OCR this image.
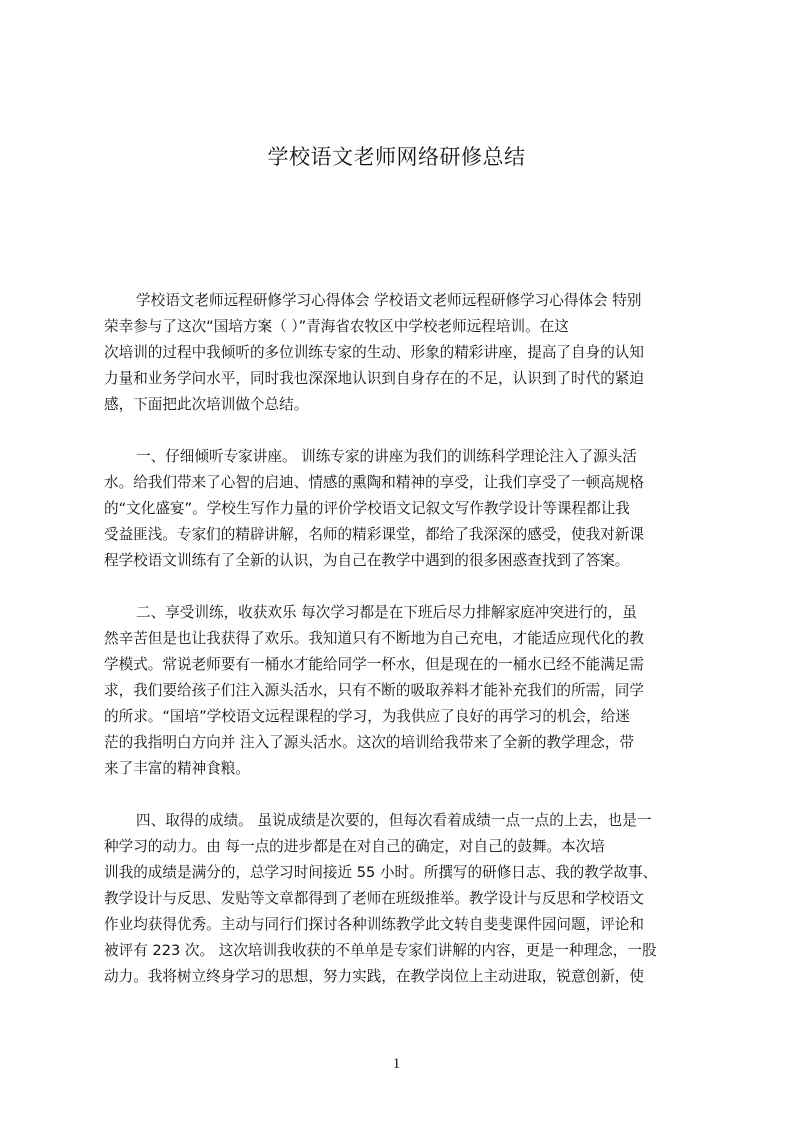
学校语文老师网络研修总结
学校语文老师远程研修学习心得体会 学校语文老师远程研修学习心得体会 特别
荣幸参与了这次“国培方案（ ）”青海省农牧区中学校老师远程培训。在这
次培训的过程中我倾听的多位训练专家的生动、形象的精彩讲座，提高了自身的认知
力量和业务学问水平，同时我也深深地认识到自身存在的不足，认识到了时代的紧迫
感，下面把此次培训做个总结。
一、仔细倾听专家讲座。 训练专家的讲座为我们的训练科学理论注入了源头活
水。给我们带来了心智的启迪、情感的熏陶和精神的享受，让我们享受了一顿高规格
的“文化盛宴”。学校生写作力量的评价学校语文记叙文写作教学设计等课程都让我
受益匪浅。专家们的精辟讲解，名师的精彩课堂，都给了我深深的感受，使我对新课
程学校语文训练有了全新的认识，为自己在教学中遇到的很多困惑查找到了答案。
二、享受训练，收获欢乐 每次学习都是在下班后尽力排解家庭冲突进行的，虽
然辛苦但是也让我获得了欢乐。我知道只有不断地为自己充电，才能适应现代化的教
学模式。常说老师要有一桶水才能给同学一杯水，但是现在的一桶水已经不能满足需
求，我们要给孩子们注入源头活水，只有不断的吸取养料才能补充我们的所需，同学
的所求。“国培”学校语文远程课程的学习，为我供应了良好的再学习的机会，给迷
茫的我指明白方向并 注入了源头活水。这次的培训给我带来了全新的教学理念，带
来了丰富的精神食粮。
四、取得的成绩。 虽说成绩是次要的，但每次看着成绩一点一点的上去，也是一
种学习的动力。由 每一点的进步都是在对自己的确定，对自己的鼓舞。本次培
训我的成绩是满分的，总学习时间接近 55 小时。所撰写的研修日志、我的教学故事、
教学设计与反思、发贴等文章都得到了老师在班级推举。教学设计与反思和学校语文
作业均获得优秀。主动与同行们探讨各种训练教学此文转自斐斐课件园问题，评论和
被评有 223 次。 这次培训我收获的不单单是专家们讲解的内容，更是一种理念，一股
动力。我将树立终身学习的思想，努力实践，在教学岗位上主动进取，锐意创新，使
1
